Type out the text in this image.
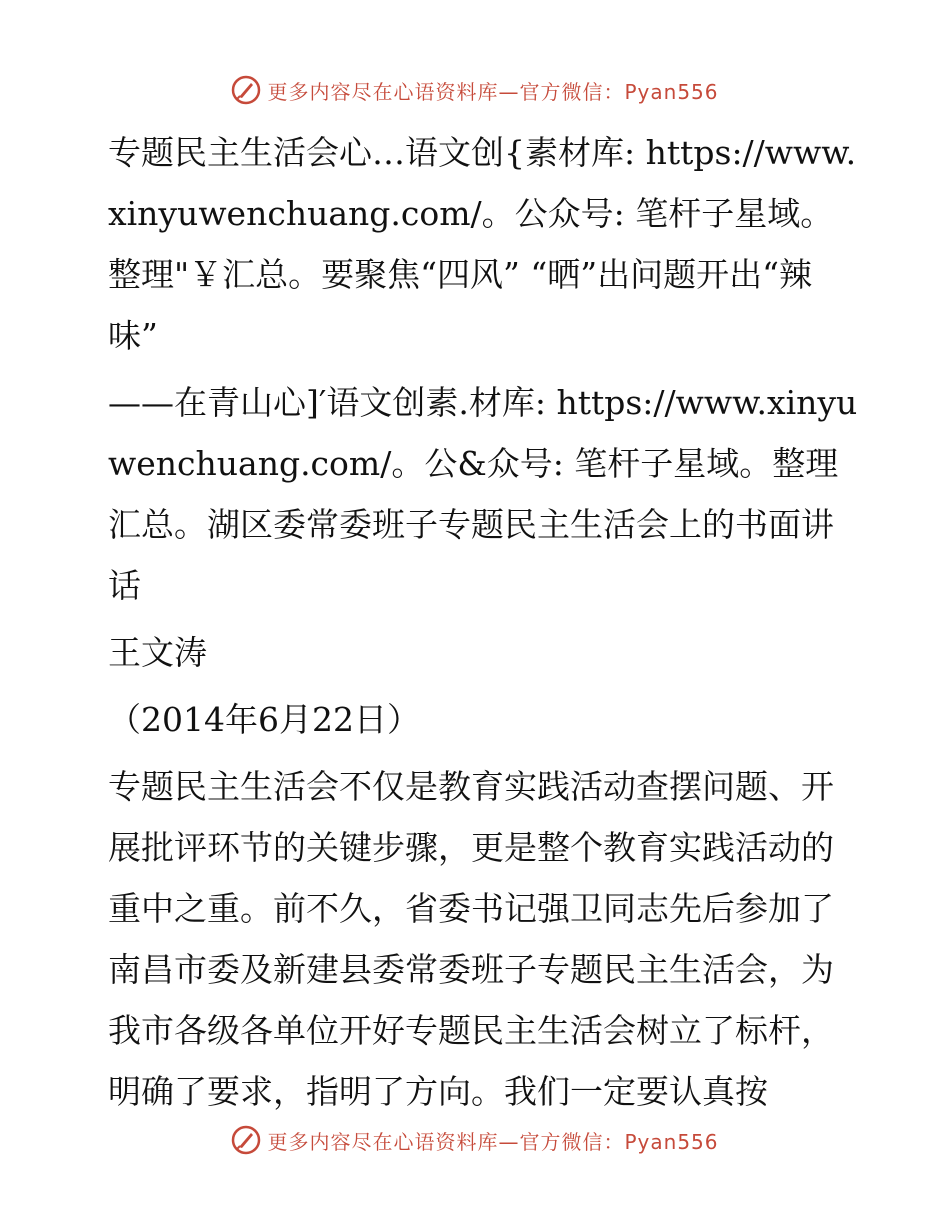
更多内容尽在心语资料库—官方微信：Pyan556

专题民主生活会心…语文创{素材库: https://www.xinyuwenchuang.com/。公众号: 笔杆子星域。整理"￥汇总。要聚焦“四风” “晒”出问题开出“辣味”

——在青山心]′语文创素.材库: https://www.xinyuwenchuang.com/。公&众号: 笔杆子星域。整理汇总。湖区委常委班子专题民主生活会上的书面讲话

王文涛

（2014年6月22日）

专题民主生活会不仅是教育实践活动查摆问题、开展批评环节的关键步骤，更是整个教育实践活动的重中之重。前不久，省委书记强卫同志先后参加了南昌市委及新建县委常委班子专题民主生活会，为我市各级各单位开好专题民主生活会树立了标杆，明确了要求，指明了方向。我们一定要认真按

更多内容尽在心语资料库—官方微信：Pyan556
